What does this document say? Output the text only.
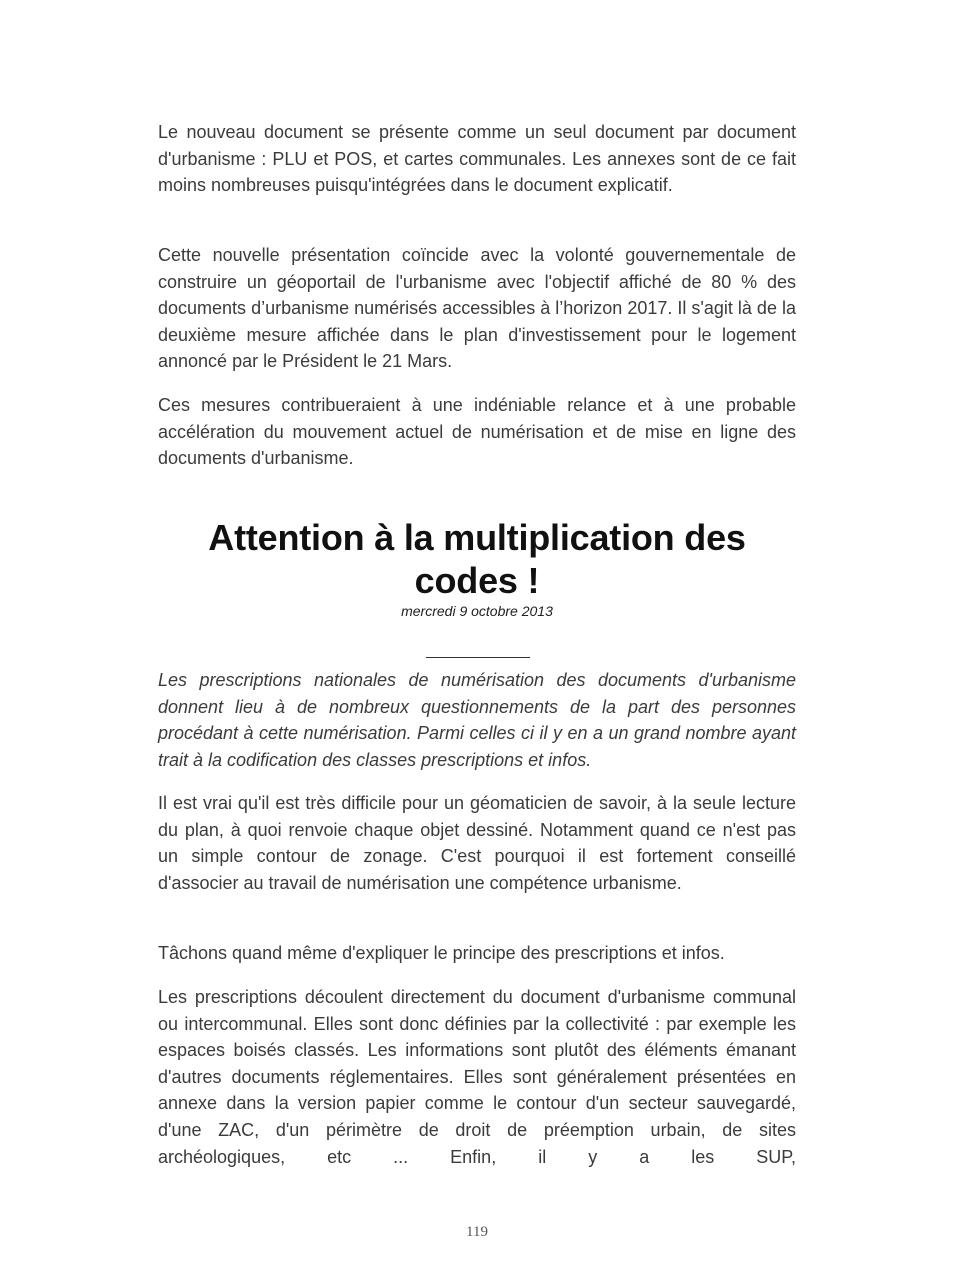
Le nouveau document se présente comme un seul document par document d'urbanisme : PLU et POS, et cartes communales. Les annexes sont de ce fait moins nombreuses puisqu'intégrées dans le document explicatif.

Cette nouvelle présentation coïncide avec la volonté gouvernementale de construire un géoportail de l'urbanisme avec l'objectif affiché de 80 % des documents d’urbanisme numérisés accessibles à l’horizon 2017. Il s'agit là de la deuxième mesure affichée dans le plan d'investissement pour le logement annoncé par le Président le 21 Mars.

Ces mesures contribueraient à une indéniable relance et à une probable accélération du mouvement actuel de numérisation et de mise en ligne des documents d'urbanisme.

Attention à la multiplication des codes !
mercredi 9 octobre 2013

Les prescriptions nationales de numérisation des documents d'urbanisme donnent lieu à de nombreux questionnements de la part des personnes procédant à cette numérisation. Parmi celles ci il y en a un grand nombre ayant trait à la codification des classes prescriptions et infos.

Il est vrai qu'il est très difficile pour un géomaticien de savoir, à la seule lecture du plan, à quoi renvoie chaque objet dessiné. Notamment quand ce n'est pas un simple contour de zonage. C'est pourquoi il est fortement conseillé d'associer au travail de numérisation une compétence urbanisme.

Tâchons quand même d'expliquer le principe des prescriptions et infos.

Les prescriptions découlent directement du document d'urbanisme communal ou intercommunal. Elles sont donc définies par la collectivité : par exemple les espaces boisés classés. Les informations sont plutôt des éléments émanant d'autres documents réglementaires. Elles sont généralement présentées en annexe dans la version papier comme le contour d'un secteur sauvegardé, d'une ZAC, d'un périmètre de droit de préemption urbain, de sites archéologiques, etc ... Enfin, il y a les SUP,

119
